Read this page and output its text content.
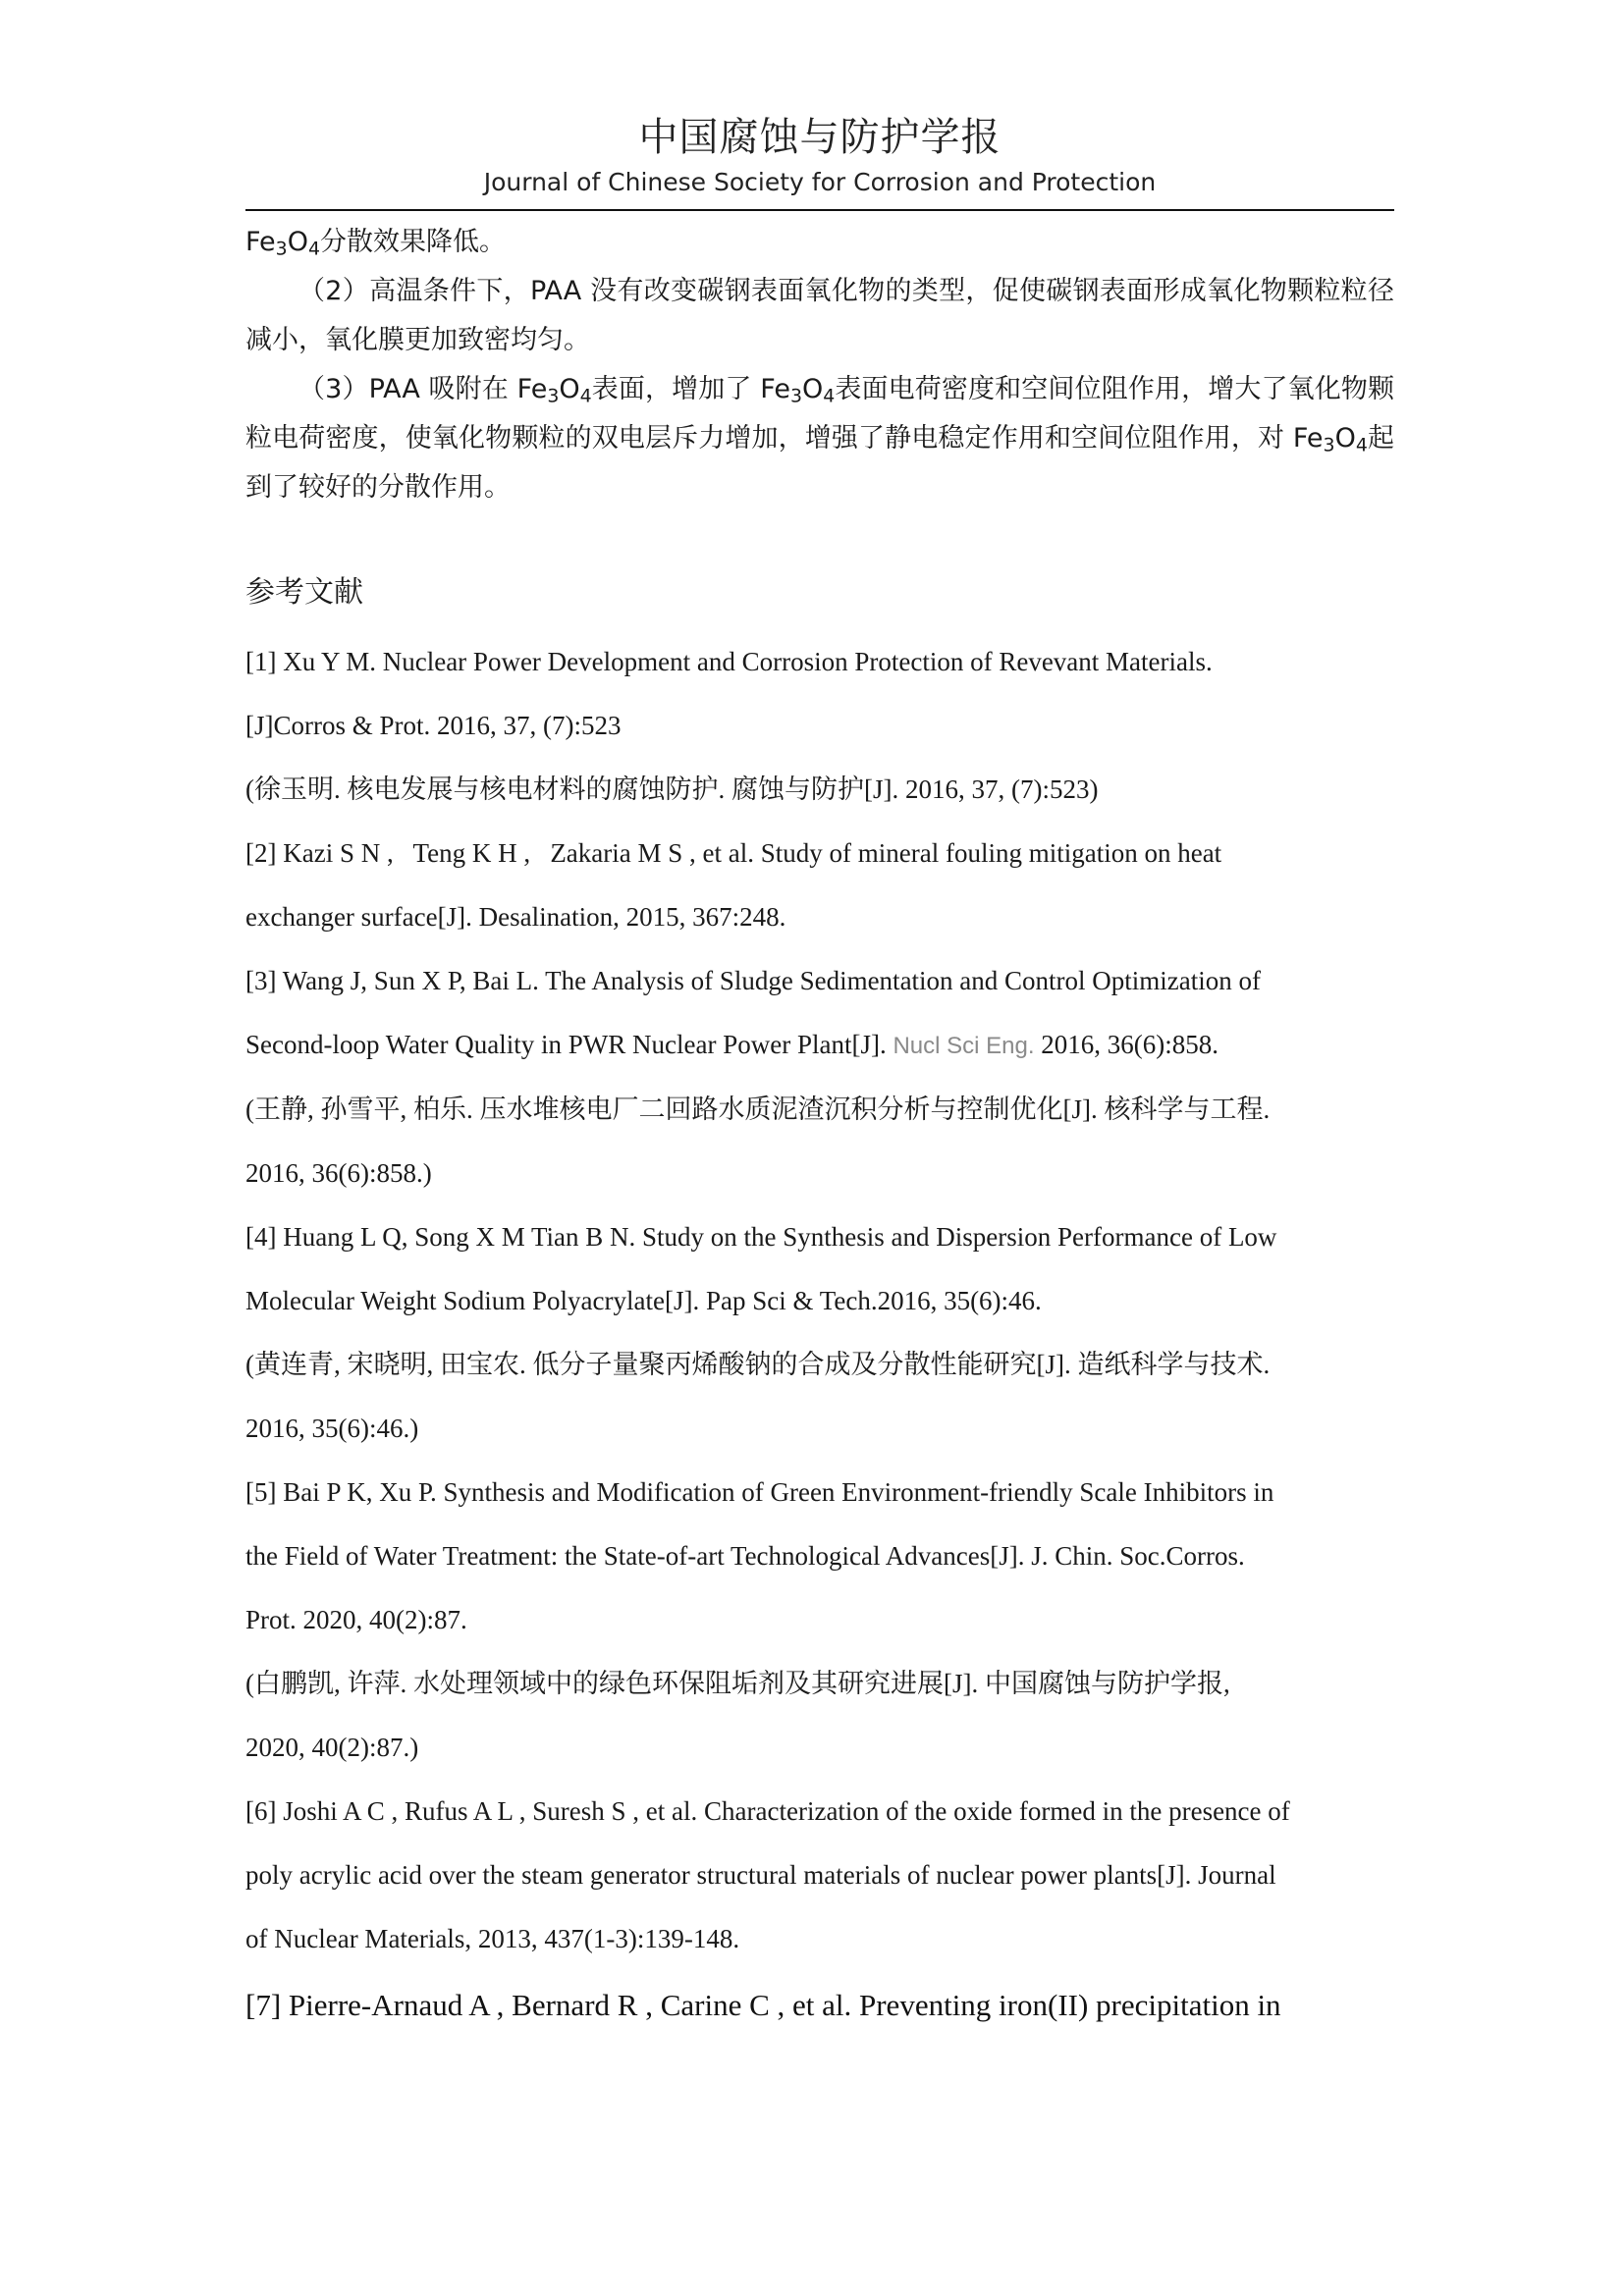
中国腐蚀与防护学报
Journal of Chinese Society for Corrosion and Protection

$Fe_3O_4$分散效果降低。

（2）高温条件下，PAA 没有改变碳钢表面氧化物的类型，促使碳钢表面形成氧化物颗粒粒径减小，氧化膜更加致密均匀。

（3）PAA 吸附在 $Fe_3O_4$表面，增加了 $Fe_3O_4$表面电荷密度和空间位阻作用，增大了氧化物颗粒电荷密度，使氧化物颗粒的双电层斥力增加，增强了静电稳定作用和空间位阻作用，对 $Fe_3O_4$起到了较好的分散作用。

参考文献

[1] Xu Y M. Nuclear Power Development and Corrosion Protection of Revevant Materials.

[J]Corros & Prot. 2016, 37, (7):523

(徐玉明. 核电发展与核电材料的腐蚀防护. 腐蚀与防护[J]. 2016, 37, (7):523)

[2] Kazi S N ,   Teng K H ,   Zakaria M S , et al. Study of mineral fouling mitigation on heat

exchanger surface[J]. Desalination, 2015, 367:248.

[3] Wang J, Sun X P, Bai L. The Analysis of Sludge Sedimentation and Control Optimization of

Second-loop Water Quality in PWR Nuclear Power Plant[J]. Nucl Sci Eng. 2016, 36(6):858.

(王静, 孙雪平, 柏乐. 压水堆核电厂二回路水质泥渣沉积分析与控制优化[J]. 核科学与工程.

2016, 36(6):858.)

[4] Huang L Q, Song X M Tian B N. Study on the Synthesis and Dispersion Performance of Low

Molecular Weight Sodium Polyacrylate[J]. Pap Sci & Tech.2016, 35(6):46.

(黄连青, 宋晓明, 田宝农. 低分子量聚丙烯酸钠的合成及分散性能研究[J]. 造纸科学与技术.

2016, 35(6):46.)

[5] Bai P K, Xu P. Synthesis and Modification of Green Environment-friendly Scale Inhibitors in

the Field of Water Treatment: the State-of-art Technological Advances[J]. J. Chin. Soc.Corros.

Prot. 2020, 40(2):87.

(白鹏凯, 许萍. 水处理领域中的绿色环保阻垢剂及其研究进展[J]. 中国腐蚀与防护学报,

2020, 40(2):87.)

[6] Joshi A C , Rufus A L , Suresh S , et al. Characterization of the oxide formed in the presence of

poly acrylic acid over the steam generator structural materials of nuclear power plants[J]. Journal

of Nuclear Materials, 2013, 437(1-3):139-148.

[7] Pierre-Arnaud A , Bernard R , Carine C , et al. Preventing iron(II) precipitation in
